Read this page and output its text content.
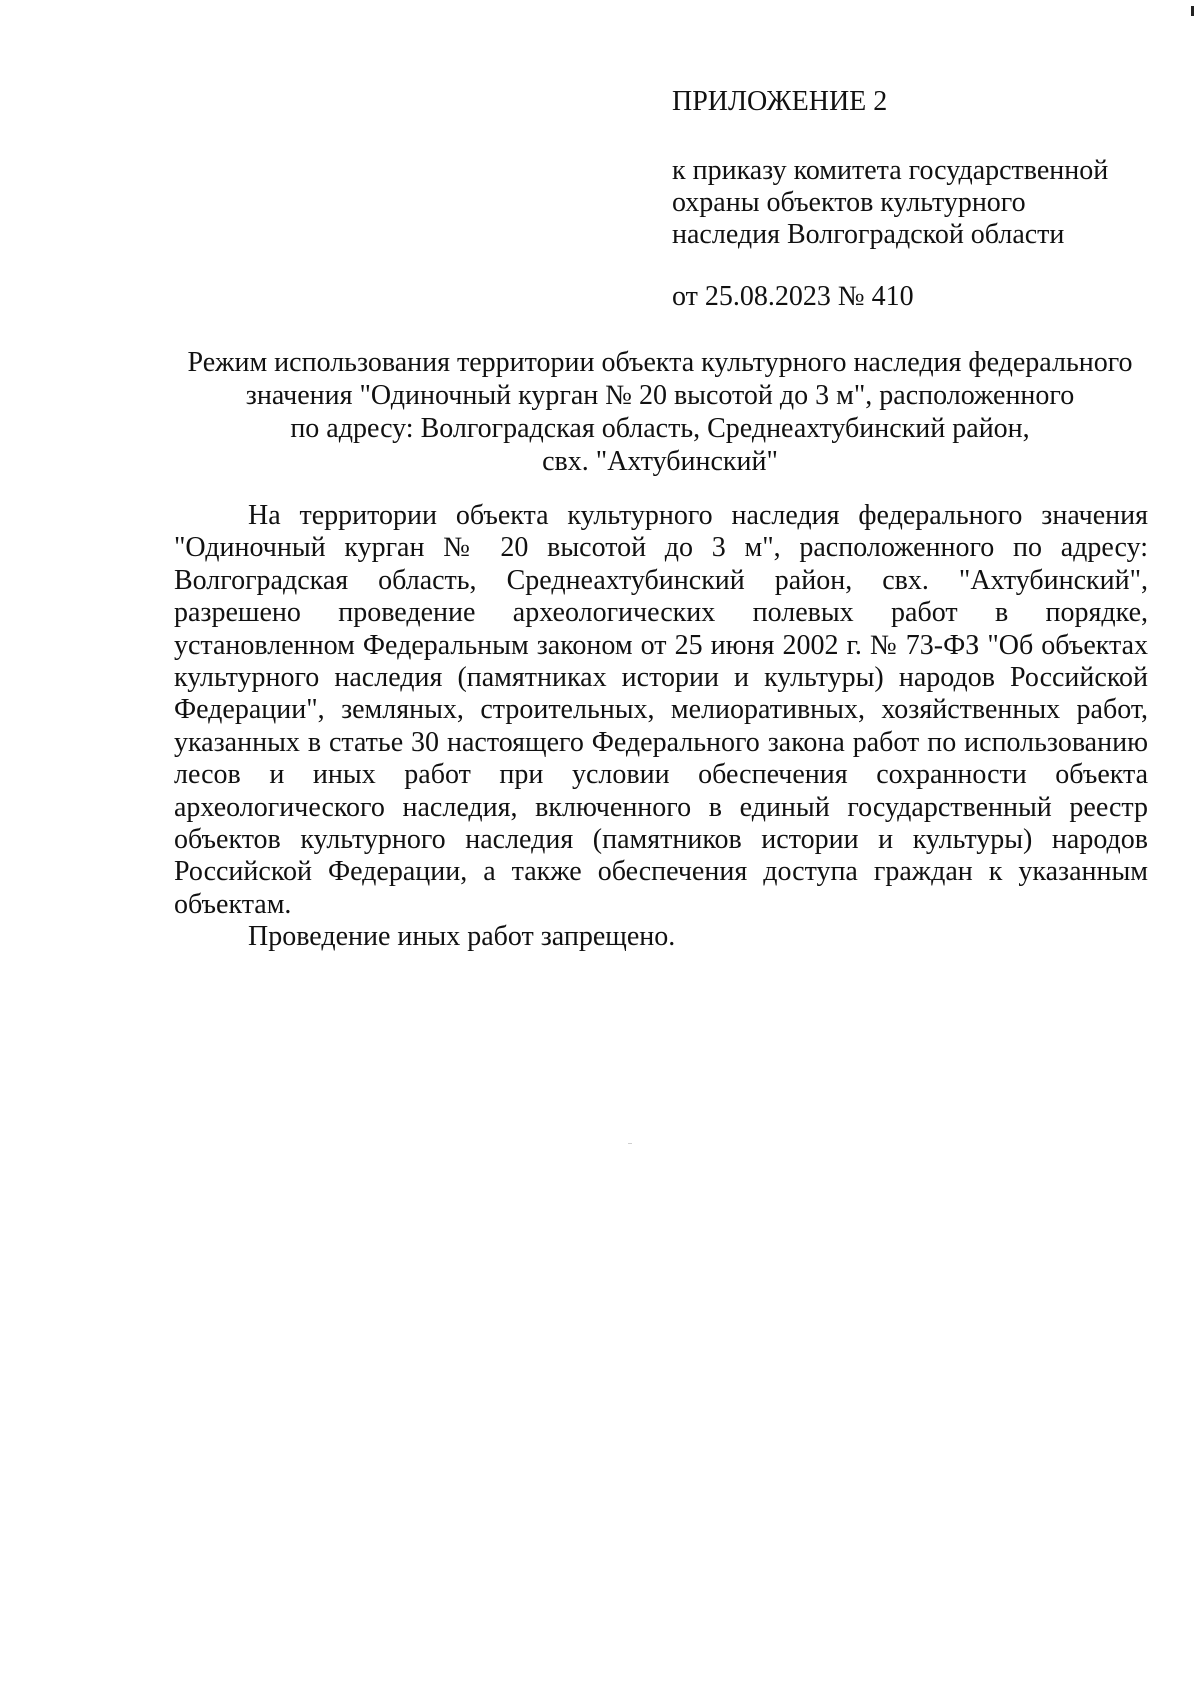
ПРИЛОЖЕНИЕ 2
к приказу комитета государственной
охраны объектов культурного
наследия Волгоградской области
от 25.08.2023 № 410
Режим использования территории объекта культурного наследия федерального
значения "Одиночный курган № 20 высотой до 3 м", расположенного
по адресу: Волгоградская область, Среднеахтубинский район,
свх. "Ахтубинский"

На территории объекта культурного наследия федерального значения "Одиночный курган № 20 высотой до 3 м", расположенного по адресу: Волгоградская область, Среднеахтубинский район, свх. "Ахтубинский", разрешено проведение археологических полевых работ в порядке, установленном Федеральным законом от 25 июня 2002 г. № 73-ФЗ "Об объектах культурного наследия (памятниках истории и культуры) народов Российской Федерации", земляных, строительных, мелиоративных, хозяйственных работ, указанных в статье 30 настоящего Федерального закона работ по использованию лесов и иных работ при условии обеспечения сохранности объекта археологического наследия, включенного в единый государственный реестр объектов культурного наследия (памятников истории и культуры) народов Российской Федерации, а также обеспечения доступа граждан к указанным объектам.

Проведение иных работ запрещено.
